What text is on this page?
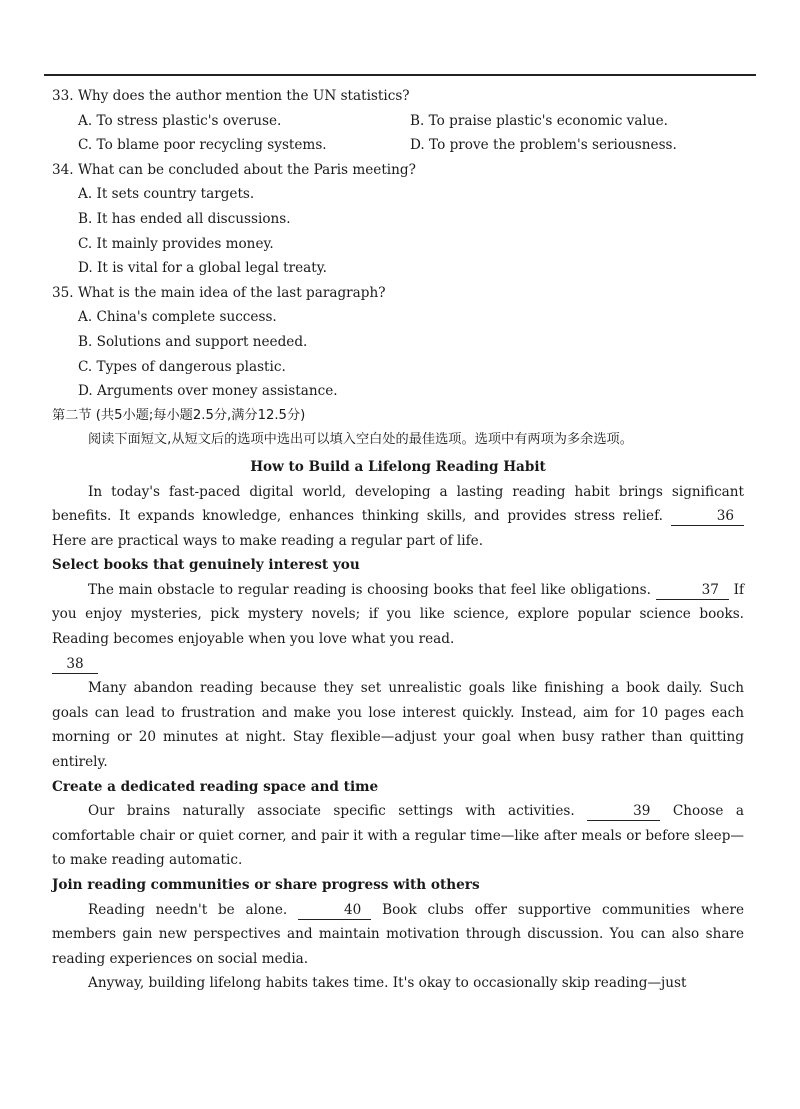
33. Why does the author mention the UN statistics?
A. To stress plastic's overuse.	B. To praise plastic's economic value.
C. To blame poor recycling systems.	D. To prove the problem's seriousness.
34. What can be concluded about the Paris meeting?
A. It sets country targets.
B. It has ended all discussions.
C. It mainly provides money.
D. It is vital for a global legal treaty.
35. What is the main idea of the last paragraph?
A. China's complete success.
B. Solutions and support needed.
C. Types of dangerous plastic.
D. Arguments over money assistance.
第二节 (共5小题;每小题2.5分,满分12.5分)
阅读下面短文,从短文后的选项中选出可以填入空白处的最佳选项。选项中有两项为多余选项。
How to Build a Lifelong Reading Habit
In today's fast-paced digital world, developing a lasting reading habit brings significant benefits. It expands knowledge, enhances thinking skills, and provides stress relief.	36 Here are practical ways to make reading a regular part of life.
Select books that genuinely interest you
The main obstacle to regular reading is choosing books that feel like obligations.	37 If you enjoy mysteries, pick mystery novels; if you like science, explore popular science books. Reading becomes enjoyable when you love what you read.
38
Many abandon reading because they set unrealistic goals like finishing a book daily. Such goals can lead to frustration and make you lose interest quickly. Instead, aim for 10 pages each morning or 20 minutes at night. Stay flexible—adjust your goal when busy rather than quitting entirely.
Create a dedicated reading space and time
Our brains naturally associate specific settings with activities.	39 Choose a comfortable chair or quiet corner, and pair it with a regular time—like after meals or before sleep—to make reading automatic.
Join reading communities or share progress with others
Reading needn't be alone.	40 Book clubs offer supportive communities where members gain new perspectives and maintain motivation through discussion. You can also share reading experiences on social media.
Anyway, building lifelong habits takes time. It's okay to occasionally skip reading—just
